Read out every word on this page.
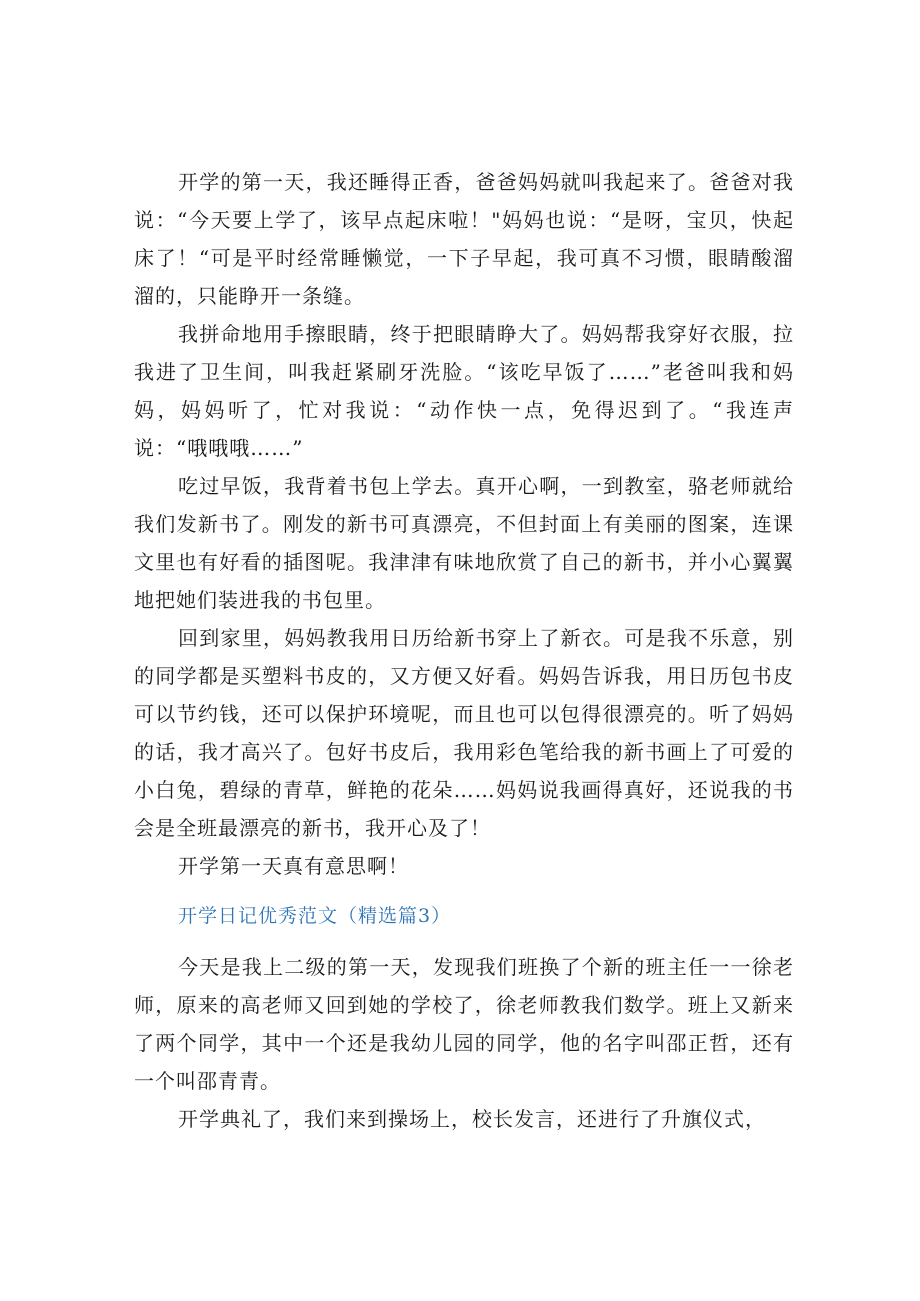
开学的第一天，我还睡得正香，爸爸妈妈就叫我起来了。爸爸对我说：“今天要上学了，该早点起床啦！"妈妈也说：“是呀，宝贝，快起床了！“可是平时经常睡懒觉，一下子早起，我可真不习惯，眼睛酸溜溜的，只能睁开一条缝。

我拼命地用手擦眼睛，终于把眼睛睁大了。妈妈帮我穿好衣服，拉我进了卫生间，叫我赶紧刷牙洗脸。“该吃早饭了……”老爸叫我和妈妈，妈妈听了，忙对我说：“动作快一点，免得迟到了。“我连声说：“哦哦哦……”

吃过早饭，我背着书包上学去。真开心啊，一到教室，骆老师就给我们发新书了。刚发的新书可真漂亮，不但封面上有美丽的图案，连课文里也有好看的插图呢。我津津有味地欣赏了自己的新书，并小心翼翼地把她们装进我的书包里。

回到家里，妈妈教我用日历给新书穿上了新衣。可是我不乐意，别的同学都是买塑料书皮的，又方便又好看。妈妈告诉我，用日历包书皮可以节约钱，还可以保护环境呢，而且也可以包得很漂亮的。听了妈妈的话，我才高兴了。包好书皮后，我用彩色笔给我的新书画上了可爱的小白兔，碧绿的青草，鲜艳的花朵……妈妈说我画得真好，还说我的书会是全班最漂亮的新书，我开心及了！

开学第一天真有意思啊！

开学日记优秀范文（精选篇3）

今天是我上二级的第一天，发现我们班换了个新的班主任一一徐老师，原来的高老师又回到她的学校了，徐老师教我们数学。班上又新来了两个同学，其中一个还是我幼儿园的同学，他的名字叫邵正哲，还有一个叫邵青青。

开学典礼了，我们来到操场上，校长发言，还进行了升旗仪式，
